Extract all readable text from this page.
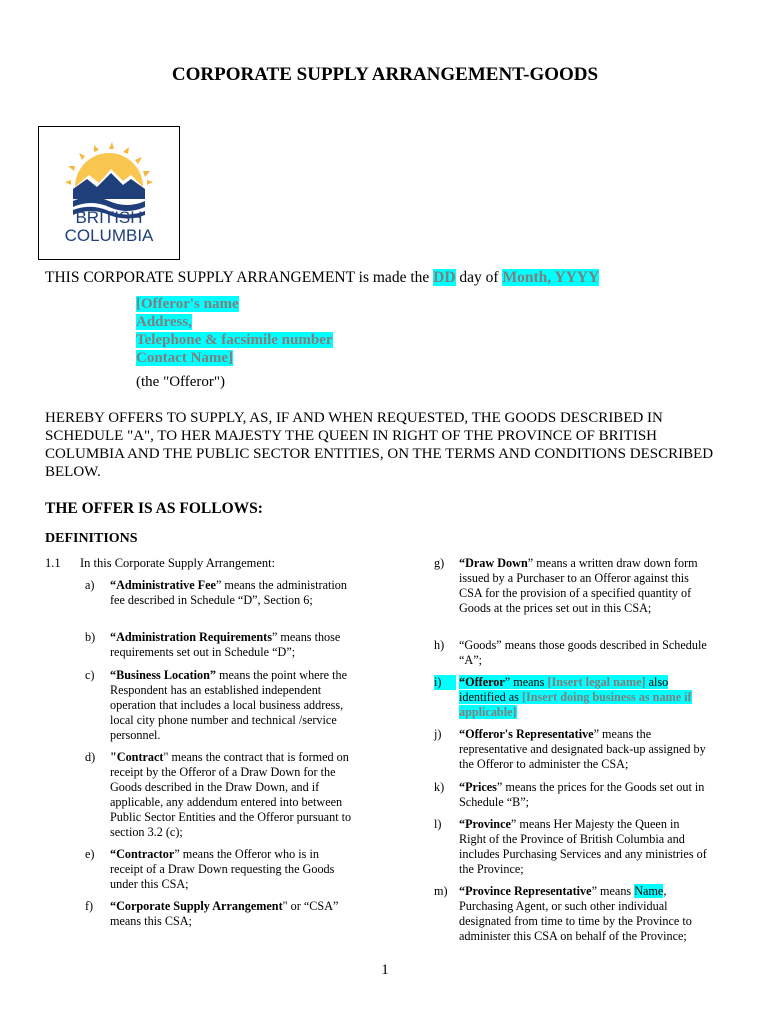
CORPORATE SUPPLY ARRANGEMENT-GOODS
BRITISH
COLUMBIA
THIS CORPORATE SUPPLY ARRANGEMENT is made the DD day of Month, YYYY
[Offeror's name
Address,
Telephone & facsimile number
Contact Name]
(the "Offeror")
HEREBY OFFERS TO SUPPLY, AS, IF AND WHEN REQUESTED, THE GOODS DESCRIBED IN SCHEDULE "A", TO HER MAJESTY THE QUEEN IN RIGHT OF THE PROVINCE OF BRITISH COLUMBIA AND THE PUBLIC SECTOR ENTITIES, ON THE TERMS AND CONDITIONS DESCRIBED BELOW.
THE OFFER IS AS FOLLOWS:
DEFINITIONS
1.1 In this Corporate Supply Arrangement:
a)	“Administrative Fee” means the administration fee described in Schedule “D”, Section 6;
b)	“Administration Requirements” means those requirements set out in Schedule “D”;
c)	“Business Location” means the point where the Respondent has an established independent operation that includes a local business address, local city phone number and technical /service personnel.
d)	"Contract" means the contract that is formed on receipt by the Offeror of a Draw Down for the Goods described in the Draw Down, and if applicable, any addendum entered into between Public Sector Entities and the Offeror pursuant to section 3.2 (c);
e)	“Contractor” means the Offeror who is in receipt of a Draw Down requesting the Goods under this CSA;
f)	“Corporate Supply Arrangement" or “CSA” means this CSA;
g)	“Draw Down” means a written draw down form issued by a Purchaser to an Offeror against this CSA for the provision of a specified quantity of Goods at the prices set out in this CSA;
h)	“Goods” means those goods described in Schedule “A”;
i)	“Offeror” means [Insert legal name] also identified as [Insert doing business as name if applicable]
j)	“Offeror's Representative” means the representative and designated back-up assigned by the Offeror to administer the CSA;
k)	“Prices” means the prices for the Goods set out in Schedule “B”;
l)	“Province” means Her Majesty the Queen in Right of the Province of British Columbia and includes Purchasing Services and any ministries of the Province;
m) “Province Representative” means Name, Purchasing Agent, or such other individual designated from time to time by the Province to administer this CSA on behalf of the Province;
1
